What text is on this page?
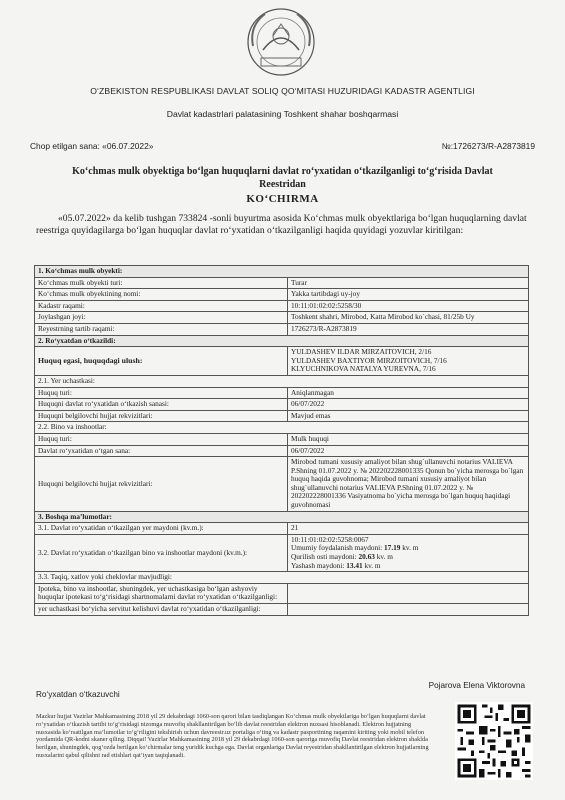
O‘ZBEKISTON RESPUBLIKASI DAVLAT SOLIQ QO‘MITASI HUZURIDAGI KADASTR AGENTLIGI
Davlat kadastrlari palatasining Toshkent shahar boshqarmasi
Chop etilgan sana: «06.07.2022»	№:1726273/R-A2873819
Ko‘chmas mulk obyektiga bo‘lgan huquqlarni davlat ro‘yxatidan o‘tkazilganligi to‘g‘risida Davlat Reestridan
KO‘CHIRMA
«05.07.2022» da kelib tushgan 733824 -sonli buyurtma asosida Ko‘chmas mulk obyektlariga bo‘lgan huquqlarning davlat reestriga quyidagilarga bo‘lgan huquqlar davlat ro‘yxatidan o‘tkazilganligi haqida quyidagi yozuvlar kiritilgan:
1. Ko‘chmas mulk obyekti:	
Ko‘chmas mulk obyekti turi:	Turar
Ko‘chmas mulk obyektining nomi:	Yakka tartibdagi uy-joy
Kadastr raqami:	10:11:01:02:02:5258/30
Joylashgan joyi:	Toshkent shahri, Mirobod, Katta Mirobod ko`chasi, 81/25b Uy
Reyestrning tartib raqami:	1726273/R-A2873819
2. Ro‘yxatdan o‘tkazildi:	
Huquq egasi, huquqdagi ulush:	YULDASHEV ILDAR MIRZAITOVICH, 2/16
YULDASHEV BAXTIYOR MIRZOITOVICH, 7/16
KLYUCHNIKOVA NATALYA YUREVNA, 7/16

2.1. Yer uchastkasi:	
Huquq turi:	Aniqlanmagan
Huquqni davlat ro‘yxatidan o‘tkazish sanasi:	06/07/2022
Huquqni belgilovchi hujjat rekvizitlari:	Mavjud emas
2.2. Bino va inshootlar:	
Huquq turi:	Mulk huquqi
Davlat ro‘yxatidan o‘tgan sana:	06/07/2022
Huquqni belgilovchi hujjat rekvizitlari:	Mirobod tumani xususiy amaliyot bilan shug`ullanuvchi notarius VALIEVA P.Shning 01.07.2022 y. № 202202228001335 Qonun bo`yicha merosga bo`lgan huquq haqida guvohnoma; Mirobod tumani xususiy amaliyot bilan shug`ullanuvchi notarius VALIEVA P.Shning 01.07.2022 y. № 202202228001336 Vasiyatnoma bo`yicha merosga bo`lgan huquq haqidagi guvohnomasi
3. Boshqa ma’lumotlar:	
3.1. Davlat ro‘yxatidan o‘tkazilgan yer maydoni (kv.m.):	21
3.2. Davlat ro‘yxatidan o‘tkazilgan bino va inshootlar maydoni (kv.m.):	10:11:01:02:02:5258:0067
Umumiy foydalanish maydoni: 17.19 kv. m
Qurilish osti maydoni: 20.63 kv. m
Yashash maydoni: 13.41 kv. m

3.3. Taqiq, xatlov yoki cheklovlar mavjudligi:	
Ipoteka, bino va inshootlar, shuningdek, yer uchastkasiga bo‘lgan ashyoviy huquqlar ipotekasi to‘g‘risidagi shartnomalarni davlat ro‘yxatidan o‘tkazilganligi:	
yer uchastkasi bo‘yicha servitut kelishuvi davlat ro‘yxatidan o‘tkazilganligi:	
Ro‘yxatdan o‘tkazuvchi
Pojarova Elena Viktorovna
Mazkur hujjat Vazirlar Mahkamasining 2018 yil 29 dekabrdagi 1060-son qarori bilan tasdiqlangan Ko‘chmas mulk obyektlariga bo‘lgan huquqlarni davlat ro‘yxatidan o‘tkazish tartibi to‘g‘risidagi nizomga muvofiq shakllantirilgan bo‘lib davlat reestridan elektron nuxsasi hisoblanadi. Elektron hujjatning nusxasida ko‘rsatilgan ma’lumotlar to‘g‘riligini tekshirish uchun davreestr.uz portaliga o‘ting va kadastr pasportining raqamini kiriting yoki mobil telefon yordamida QR-kodni skaner qiling. Diqqat! Vazirlar Mahkamasining 2018 yil 29 dekabrdagi 1060-son qaroriga muvofiq Davlat reestridan elektron shaklda berilgan, shuningdek, qog‘ozda berilgan ko‘chirmalar teng yuridik kuchga ega. Davlat organlariga Davlat reyestridan shakllantirilgan elektron hujjatlarning nusxalarini qabul qilishni rad etishlari qat’iyan taqiqlanadi.
